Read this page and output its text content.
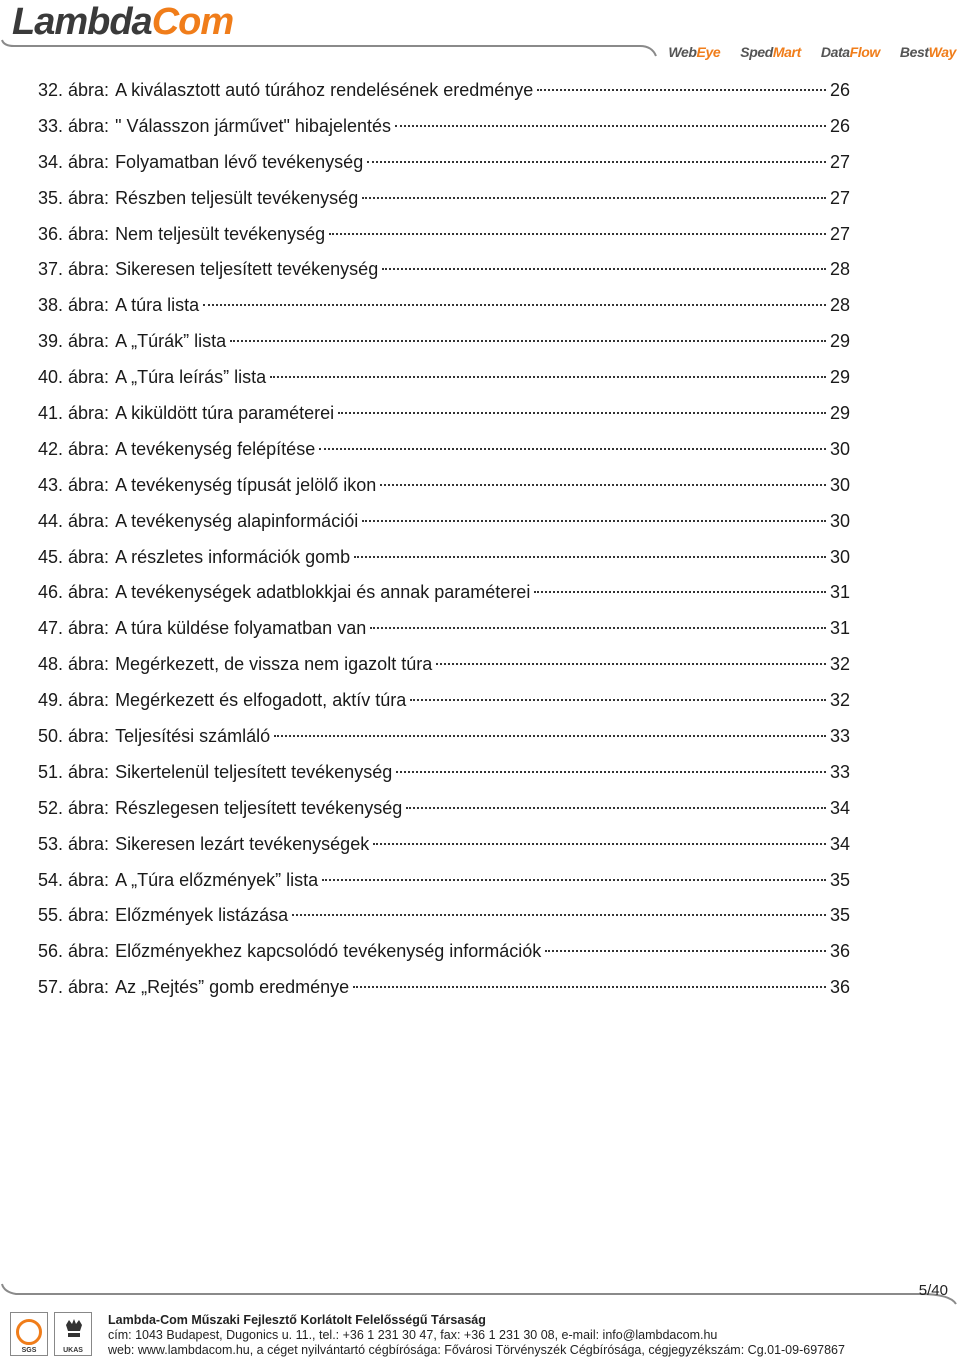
LambdaCom
WebEye SpedMart DataFlow BestWay
32. ábra: A kiválasztott autó túrához rendelésének eredménye	26
33. ábra: " Válasszon járművet" hibajelentés	26
34. ábra: Folyamatban lévő tevékenység	27
35. ábra: Részben teljesült tevékenység	27
36. ábra: Nem teljesült tevékenység	27
37. ábra: Sikeresen teljesített tevékenység	28
38. ábra: A túra lista	28
39. ábra: A „Túrák” lista	29
40. ábra: A „Túra leírás” lista	29
41. ábra: A kiküldött túra paraméterei	29
42. ábra: A tevékenység felépítése	30
43. ábra: A tevékenység típusát jelölő ikon	30
44. ábra: A tevékenység alapinformációi	30
45. ábra: A részletes információk gomb	30
46. ábra: A tevékenységek adatblokkjai és annak paraméterei	31
47. ábra: A túra küldése folyamatban van	31
48. ábra: Megérkezett, de vissza nem igazolt túra	32
49. ábra: Megérkezett és elfogadott, aktív túra	32
50. ábra: Teljesítési számláló	33
51. ábra: Sikertelenül teljesített tevékenység	33
52. ábra: Részlegesen teljesített tevékenység	34
53. ábra: Sikeresen lezárt tevékenységek	34
54. ábra: A „Túra előzmények” lista	35
55. ábra: Előzmények listázása	35
56. ábra: Előzményekhez kapcsolódó tevékenység információk	36
57. ábra: Az „Rejtés” gomb eredménye	36
5/40
SGS	UKAS
Lambda-Com Műszaki Fejlesztő Korlátolt Felelősségű Társaság
cím: 1043 Budapest, Dugonics u. 11., tel.: +36 1 231 30 47, fax: +36 1 231 30 08, e-mail: info@lambdacom.hu
web: www.lambdacom.hu, a céget nyilvántartó cégbírósága: Fővárosi Törvényszék Cégbírósága, cégjegyzékszám: Cg.01-09-697867
